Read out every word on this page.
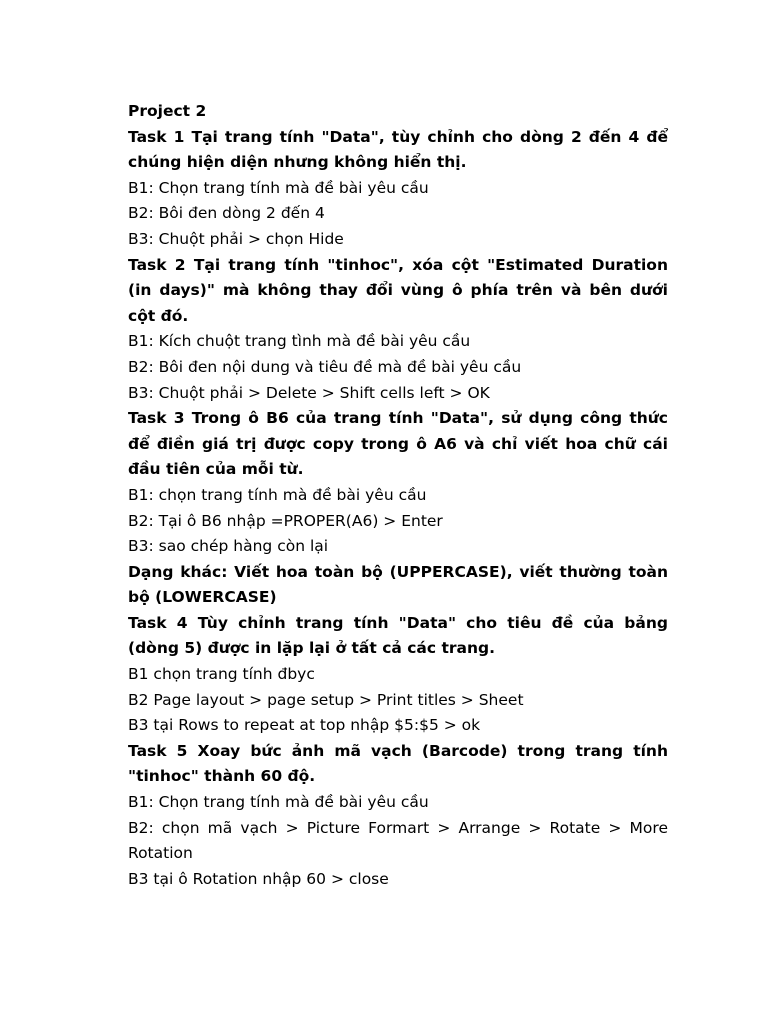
Project 2

Task 1 Tại trang tính "Data", tùy chỉnh cho dòng 2 đến 4 để chúng hiện diện nhưng không hiển thị.

B1: Chọn trang tính mà đề bài yêu cầu

B2: Bôi đen dòng 2 đến 4

B3: Chuột phải > chọn Hide

Task 2 Tại trang tính "tinhoc", xóa cột "Estimated Duration (in days)" mà không thay đổi vùng ô phía trên và bên dưới cột đó.

B1: Kích chuột trang tình mà đề bài yêu cầu

B2: Bôi đen nội dung và tiêu đề mà đề bài yêu cầu

B3: Chuột phải > Delete > Shift cells left > OK

Task 3 Trong ô B6 của trang tính "Data", sử dụng công thức để điền giá trị được copy trong ô A6 và chỉ viết hoa chữ cái đầu tiên của mỗi từ.

B1: chọn trang tính mà đề bài yêu cầu

B2: Tại ô B6 nhập =PROPER(A6) > Enter

B3: sao chép hàng còn lại

Dạng khác: Viết hoa toàn bộ (UPPERCASE), viết thường toàn bộ (LOWERCASE)

Task 4 Tùy chỉnh trang tính "Data" cho tiêu đề của bảng (dòng 5) được in lặp lại ở tất cả các trang.

B1 chọn trang tính đbyc

B2 Page layout > page setup > Print titles > Sheet

B3 tại Rows to repeat at top nhập $5:$5 > ok

Task 5 Xoay bức ảnh mã vạch (Barcode) trong trang tính "tinhoc" thành 60 độ.

B1: Chọn trang tính mà đề bài yêu cầu

B2: chọn mã vạch > Picture Formart > Arrange > Rotate > More Rotation

B3 tại ô Rotation nhập 60 > close
